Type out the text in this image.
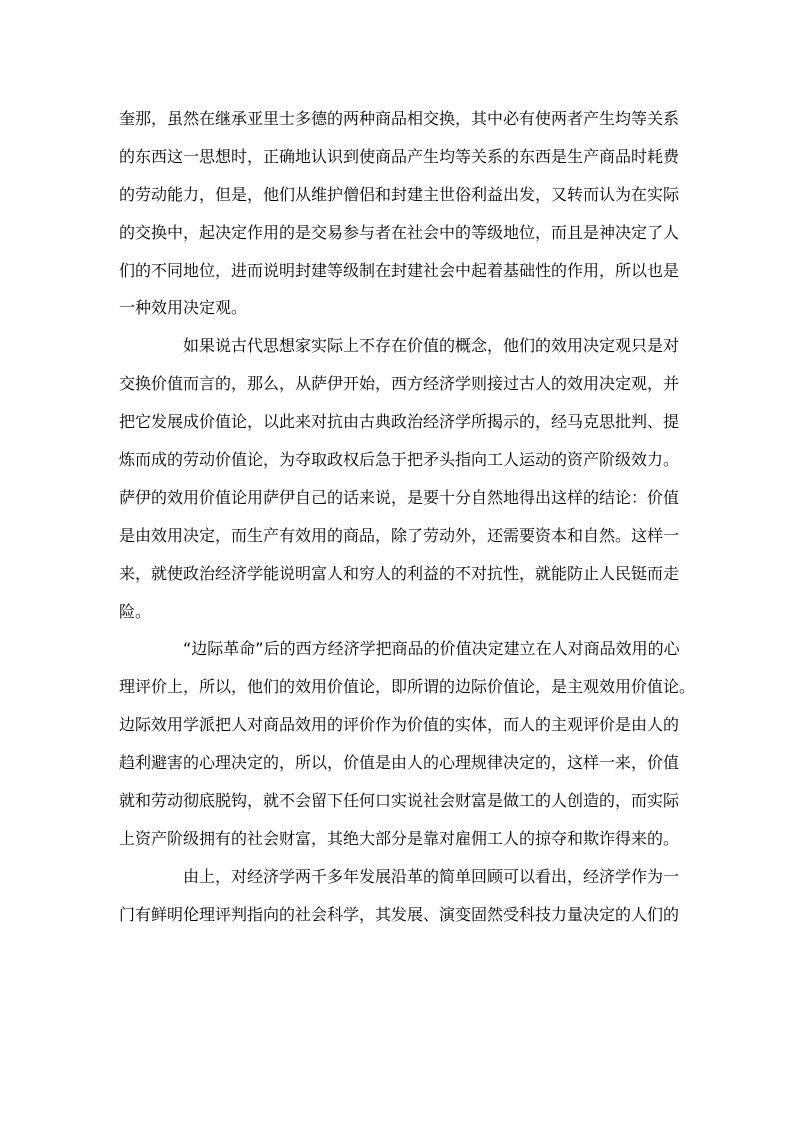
奎那，虽然在继承亚里士多德的两种商品相交换，其中必有使两者产生均等关系
的东西这一思想时，正确地认识到使商品产生均等关系的东西是生产商品时耗费
的劳动能力，但是，他们从维护僧侣和封建主世俗利益出发，又转而认为在实际
的交换中，起决定作用的是交易参与者在社会中的等级地位，而且是神决定了人
们的不同地位，进而说明封建等级制在封建社会中起着基础性的作用，所以也是
一种效用决定观。
如果说古代思想家实际上不存在价值的概念，他们的效用决定观只是对
交换价值而言的，那么，从萨伊开始，西方经济学则接过古人的效用决定观，并
把它发展成价值论，以此来对抗由古典政治经济学所揭示的，经马克思批判、提
炼而成的劳动价值论，为夺取政权后急于把矛头指向工人运动的资产阶级效力。
萨伊的效用价值论用萨伊自己的话来说，是要十分自然地得出这样的结论：价值
是由效用决定，而生产有效用的商品，除了劳动外，还需要资本和自然。这样一
来，就使政治经济学能说明富人和穷人的利益的不对抗性，就能防止人民铤而走
险。
“边际革命”后的西方经济学把商品的价值决定建立在人对商品效用的心
理评价上，所以，他们的效用价值论，即所谓的边际价值论，是主观效用价值论。
边际效用学派把人对商品效用的评价作为价值的实体，而人的主观评价是由人的
趋利避害的心理决定的，所以，价值是由人的心理规律决定的，这样一来，价值
就和劳动彻底脱钩，就不会留下任何口实说社会财富是做工的人创造的，而实际
上资产阶级拥有的社会财富，其绝大部分是靠对雇佣工人的掠夺和欺诈得来的。
由上，对经济学两千多年发展沿革的简单回顾可以看出，经济学作为一
门有鲜明伦理评判指向的社会科学，其发展、演变固然受科技力量决定的人们的
